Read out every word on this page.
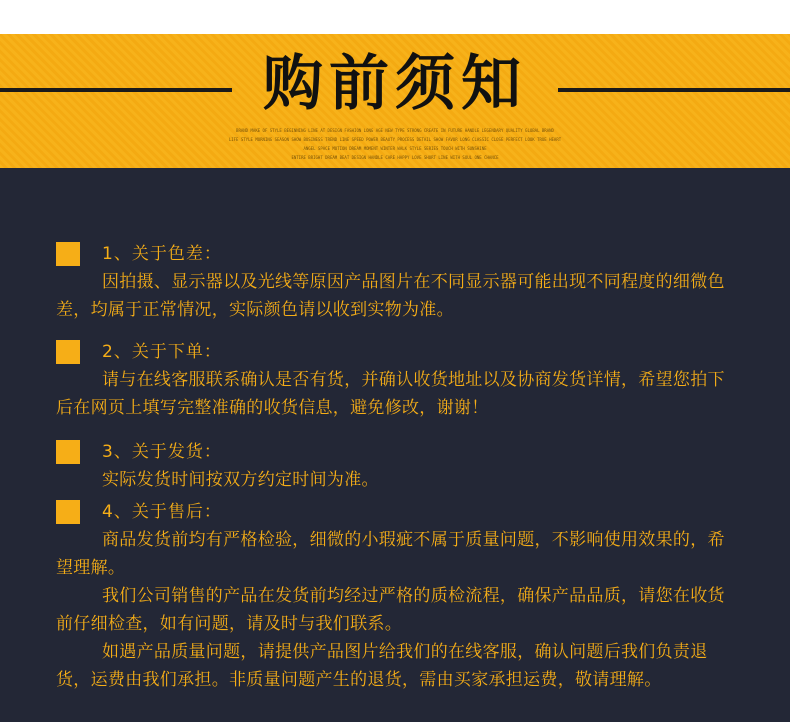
购前须知
BRAND MAKE OF STYLE BEGINNING LINE AT DESIGN FASHION LONG AGE NEW TYPE STRONG CREATE IN FUTURE HANDLE LEGENDARY QUALITY GLOBAL BRAND
LIFE STYLE MORNING SEASON SHOW BUSINESS TREND LINE SPEED POWER BEAUTY PROCESS DETAIL SHOW FAVOR LONG CLASSIC CLOSE PERFECT LOOK TRUE HEART
ANGEL SPACE MOTION DREAM MOMENT WINTER WALK STYLE SERIES TOUCH WITH SUNSHINE
ENTIRE BRIGHT DREAM BEAT DESIGN HANDLE CARE HAPPY LOVE SHORT LINE WITH SOUL ONE CHANCE
1、关于色差：

因拍摄、显示器以及光线等原因产品图片在不同显示器可能出现不同程度的细微色差，均属于正常情况，实际颜色请以收到实物为准。

2、关于下单：

请与在线客服联系确认是否有货，并确认收货地址以及协商发货详情，希望您拍下后在网页上填写完整准确的收货信息，避免修改，谢谢！

3、关于发货：

实际发货时间按双方约定时间为准。

4、关于售后：

商品发货前均有严格检验，细微的小瑕疵不属于质量问题，不影响使用效果的，希望理解。

我们公司销售的产品在发货前均经过严格的质检流程，确保产品品质，请您在收货前仔细检查，如有问题，请及时与我们联系。

如遇产品质量问题，请提供产品图片给我们的在线客服，确认问题后我们负责退货，运费由我们承担。非质量问题产生的退货，需由买家承担运费，敬请理解。
